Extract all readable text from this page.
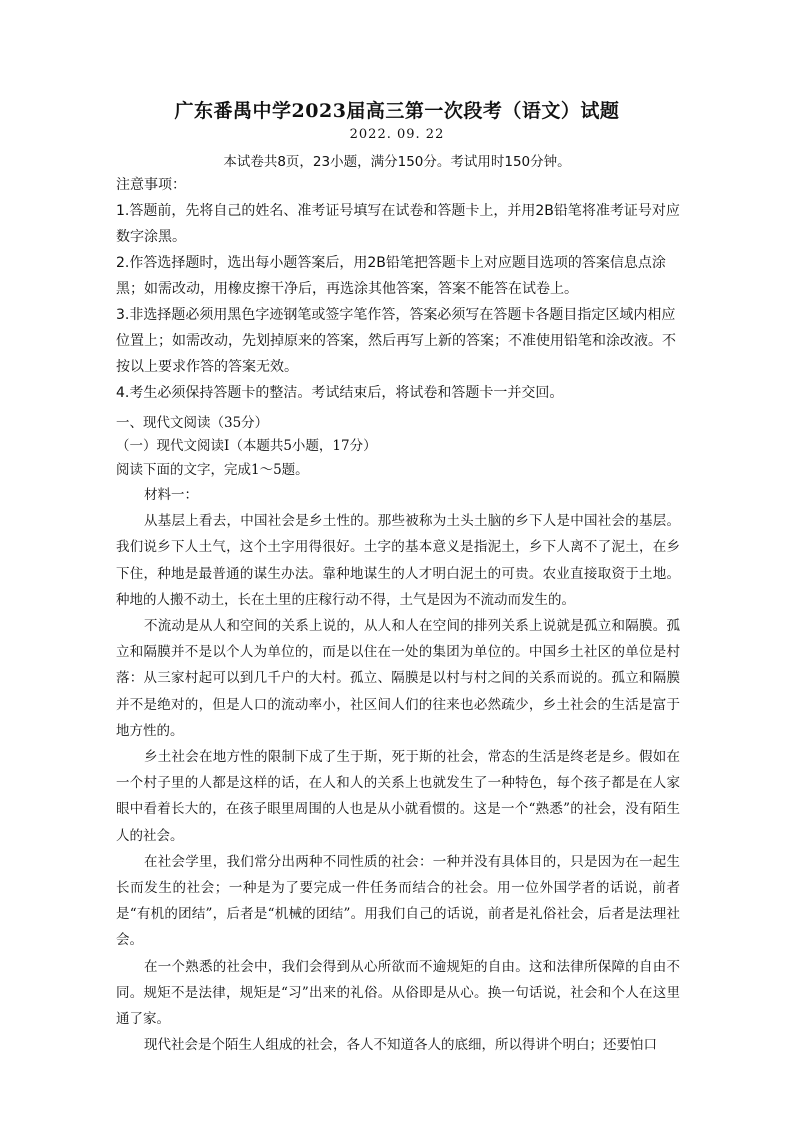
广东番禺中学2023届高三第一次段考（语文）试题
2022. 09. 22
本试卷共8页，23小题，满分150分。考试用时150分钟。

注意事项：

1.答题前，先将自己的姓名、准考证号填写在试卷和答题卡上，并用2B铅笔将准考证号对应数字涂黑。

2.作答选择题时，选出每小题答案后，用2B铅笔把答题卡上对应题目选项的答案信息点涂黑；如需改动，用橡皮擦干净后，再选涂其他答案，答案不能答在试卷上。

3.非选择题必须用黑色字迹钢笔或签字笔作答，答案必须写在答题卡各题目指定区域内相应位置上；如需改动，先划掉原来的答案，然后再写上新的答案；不准使用铅笔和涂改液。不按以上要求作答的答案无效。

4.考生必须保持答题卡的整洁。考试结束后，将试卷和答题卡一并交回。

一、现代文阅读（35分）
（一）现代文阅读Ⅰ（本题共5小题，17分）
阅读下面的文字，完成1～5题。

材料一：

从基层上看去，中国社会是乡土性的。那些被称为土头土脑的乡下人是中国社会的基层。我们说乡下人土气，这个土字用得很好。土字的基本意义是指泥土，乡下人离不了泥土，在乡下住，种地是最普通的谋生办法。靠种地谋生的人才明白泥土的可贵。农业直接取资于土地。种地的人搬不动土，长在土里的庄稼行动不得，土气是因为不流动而发生的。

不流动是从人和空间的关系上说的，从人和人在空间的排列关系上说就是孤立和隔膜。孤立和隔膜并不是以个人为单位的，而是以住在一处的集团为单位的。中国乡土社区的单位是村落：从三家村起可以到几千户的大村。孤立、隔膜是以村与村之间的关系而说的。孤立和隔膜并不是绝对的，但是人口的流动率小，社区间人们的往来也必然疏少，乡土社会的生活是富于地方性的。

乡土社会在地方性的限制下成了生于斯，死于斯的社会，常态的生活是终老是乡。假如在一个村子里的人都是这样的话，在人和人的关系上也就发生了一种特色，每个孩子都是在人家眼中看着长大的，在孩子眼里周围的人也是从小就看惯的。这是一个“熟悉”的社会，没有陌生人的社会。

在社会学里，我们常分出两种不同性质的社会：一种并没有具体目的，只是因为在一起生长而发生的社会；一种是为了要完成一件任务而结合的社会。用一位外国学者的话说，前者是“有机的团结”，后者是“机械的团结”。用我们自己的话说，前者是礼俗社会，后者是法理社会。

在一个熟悉的社会中，我们会得到从心所欲而不逾规矩的自由。这和法律所保障的自由不同。规矩不是法律，规矩是“习”出来的礼俗。从俗即是从心。换一句话说，社会和个人在这里通了家。

现代社会是个陌生人组成的社会，各人不知道各人的底细，所以得讲个明白；还要怕口
